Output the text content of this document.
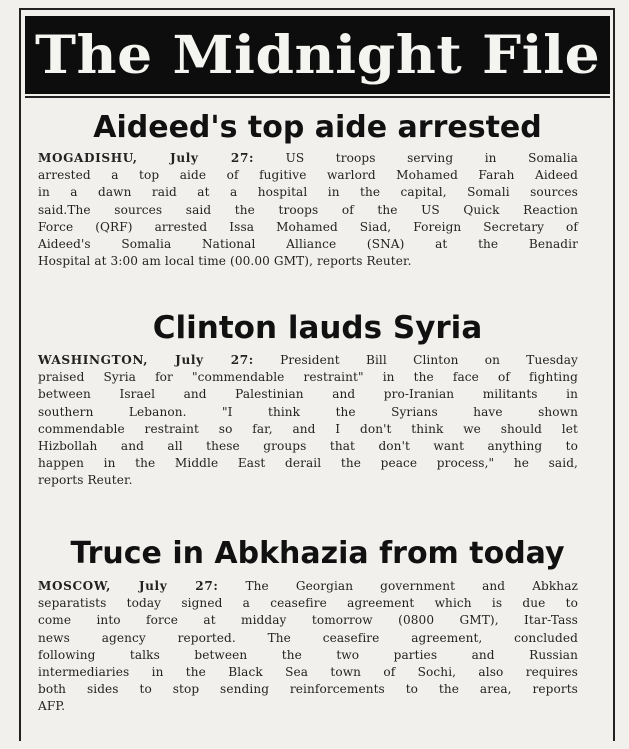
The Midnight File
Aideed's top aide arrested
MOGADISHU, July 27:	US troops serving in Somalia
arrested a top aide of fugitive warlord Mohamed Farah Aideed
in a dawn raid at a hospital in the capital, Somali sources
said.The sources said the troops of the US Quick Reaction
Force (QRF) arrested Issa Mohamed Siad, Foreign Secretary of
Aideed's Somalia National Alliance (SNA) at the Benadir
Hospital at 3:00 am local time (00.00 GMT), reports Reuter.
Clinton lauds Syria
WASHINGTON, July 27: President Bill Clinton on Tuesday
praised Syria for "commendable restraint" in the face of fighting
between Israel and Palestinian and pro-Iranian militants in
southern Lebanon. "I think the Syrians have shown
commendable restraint so far, and I don't think we should let
Hizbollah and all these groups that don't want anything to
happen in the Middle East derail the peace process," he said,
reports Reuter.
Truce in Abkhazia from today
MOSCOW, July 27: The Georgian government and Abkhaz
separatists today signed a ceasefire agreement which is due to
come into force at midday tomorrow (0800 GMT), Itar-Tass
news agency reported. The ceasefire agreement, concluded
following talks between the two parties and Russian
intermediaries in the Black Sea town of Sochi, also requires
both sides to stop sending reinforcements to the area, reports
AFP.
